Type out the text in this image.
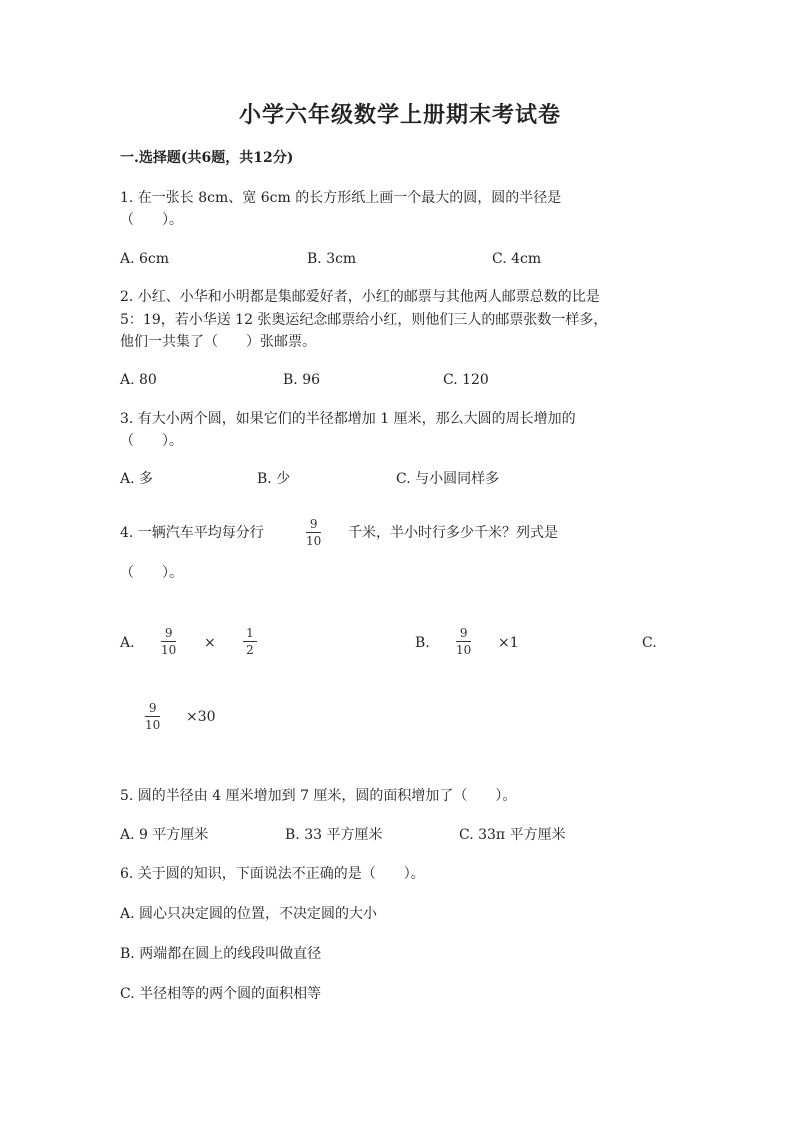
小学六年级数学上册期末考试卷
一.选择题(共6题，共12分)
1. 在一张长 8cm、宽 6cm 的长方形纸上画一个最大的圆，圆的半径是
（　　）。
A. 6cm	B. 3cm	C. 4cm
2. 小红、小华和小明都是集邮爱好者，小红的邮票与其他两人邮票总数的比是
5：19，若小华送 12 张奥运纪念邮票给小红，则他们三人的邮票张数一样多，
他们一共集了（　　）张邮票。
A. 80	B. 96	C. 120
3. 有大小两个圆，如果它们的半径都增加 1 厘米，那么大圆的周长增加的
（　　）。
A. 多	B. 少	C. 与小圆同样多
4. 一辆汽车平均每分行
9
10 千米，半小时行多少千米？列式是
（　　）。
A.
9
10 ×
1
2	B.
9
10 ×1	C.
9
10 ×30
5. 圆的半径由 4 厘米增加到 7 厘米，圆的面积增加了（　　）。
A. 9 平方厘米	B. 33 平方厘米	C. 33π 平方厘米
6. 关于圆的知识，下面说法不正确的是（　　）。
A. 圆心只决定圆的位置，不决定圆的大小
B. 两端都在圆上的线段叫做直径
C. 半径相等的两个圆的面积相等
